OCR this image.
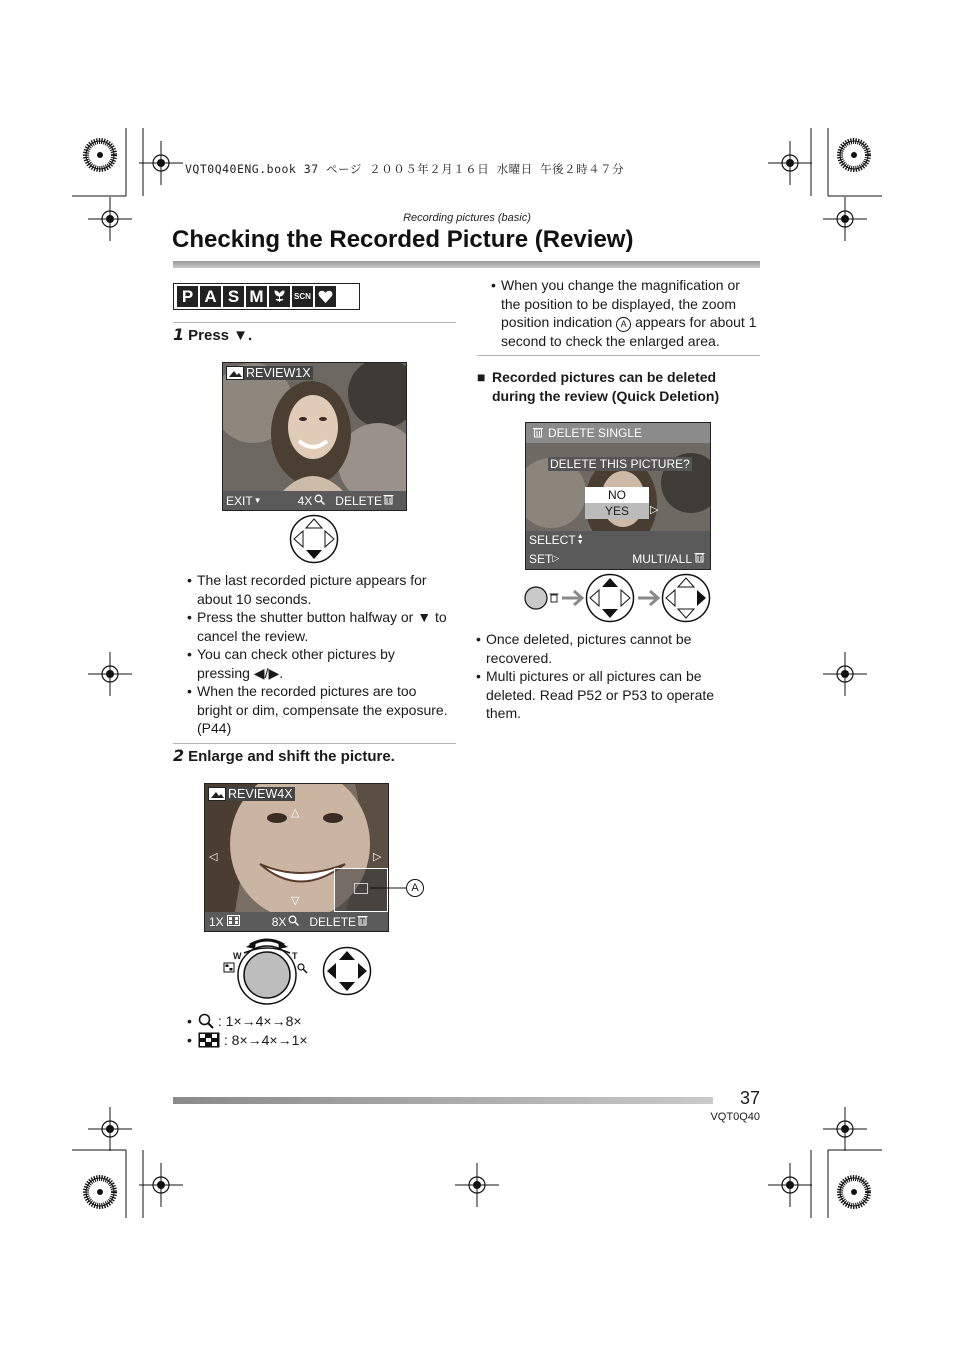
VQT0Q40ENG.book 37 ページ ２００５年２月１６日 水曜日 午後２時４７分
Recording pictures (basic)
Checking the Recorded Picture (Review)
P A S M	SCN
1 Press ▼.
REVIEW1X
EXIT ▼	4X DELETE
• The last recorded picture appears for about 10 seconds.
• Press the shutter button halfway or ▼ to cancel the review.
• You can check other pictures by pressing ◀/▶.
• When the recorded pictures are too bright or dim, compensate the exposure. (P44)
2 Enlarge and shift the picture.
REVIEW4X
△
▽
◁	▷
1X	8X DELETE
A
W	T
• : 1×→4×→8×
• : 8×→4×→1×
• When you change the magnification or the position to be displayed, the zoom position indication A appears for about 1 second to check the enlarged area.
■ Recorded pictures can be deleted during the review (Quick Deletion)
DELETE SINGLE
DELETE THIS PICTURE?
NO
YES	▷
SELECT ▲
▼
SET ▷	MULTI/ALL
• Once deleted, pictures cannot be recovered.
• Multi pictures or all pictures can be deleted. Read P52 or P53 to operate them.
37
VQT0Q40
